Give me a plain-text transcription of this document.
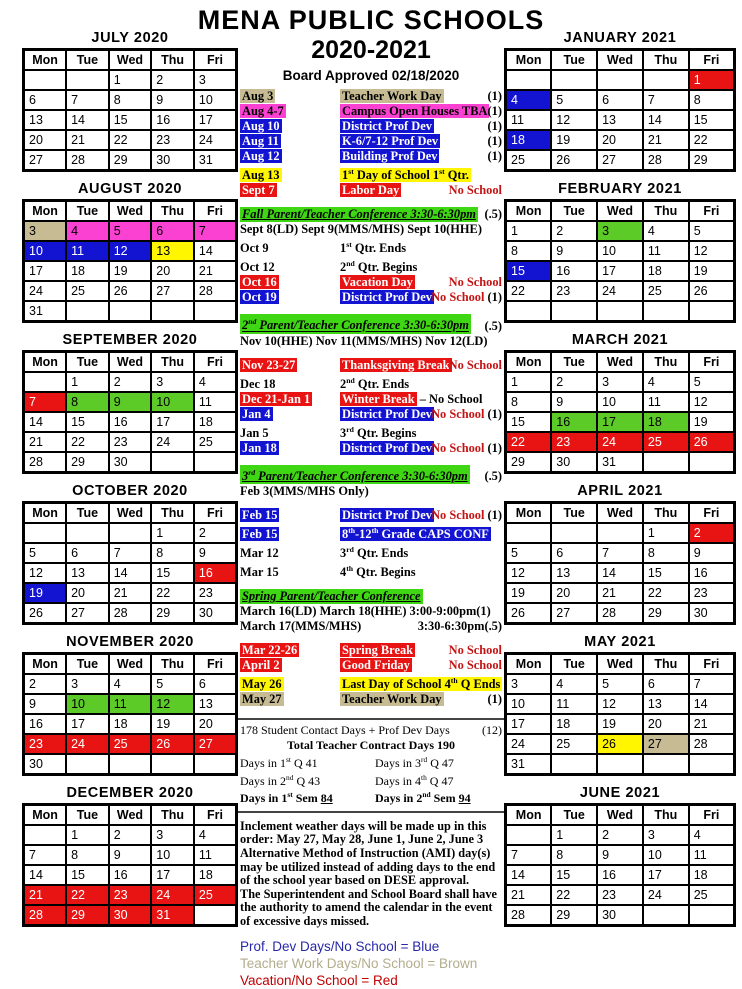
JULY 2020
Mon	Tue	Wed	Thu	Fri
		1	2	3
6	7	8	9	10
13	14	15	16	17
20	21	22	23	24
27	28	29	30	31
AUGUST 2020
Mon	Tue	Wed	Thu	Fri
3	4	5	6	7
10	11	12	13	14
17	18	19	20	21
24	25	26	27	28
31				
SEPTEMBER 2020
Mon	Tue	Wed	Thu	Fri
	1	2	3	4
7	8	9	10	11
14	15	16	17	18
21	22	23	24	25
28	29	30		
OCTOBER 2020
Mon	Tue	Wed	Thu	Fri
			1	2
5	6	7	8	9
12	13	14	15	16
19	20	21	22	23
26	27	28	29	30
NOVEMBER 2020
Mon	Tue	Wed	Thu	Fri
2	3	4	5	6
9	10	11	12	13
16	17	18	19	20
23	24	25	26	27
30				
DECEMBER 2020
Mon	Tue	Wed	Thu	Fri
	1	2	3	4
7	8	9	10	11
14	15	16	17	18
21	22	23	24	25
28	29	30	31	
MENA PUBLIC SCHOOLS
2020-2021
Board Approved 02/18/2020
Aug 3	Teacher Work Day	(1)
Aug 4-7	Campus Open Houses TBA (1)
Aug 10	District Prof Dev	(1)
Aug 11	K-6/7-12 Prof Dev	(1)
Aug 12	Building Prof Dev	(1)
Aug 13	1st Day of School 1st Qtr.
Sept 7	Labor Day	No School
Fall Parent/Teacher Conference 3:30-6:30pm (.5)
Sept 8(LD) Sept 9(MMS/MHS) Sept 10(HHE)
Oct 9	1st Qtr. Ends
Oct 12	2nd Qtr. Begins
Oct 16	Vacation Day	No School
Oct 19	District Prof Dev No School (1)
2nd Parent/Teacher Conference 3:30-6:30pm	(.5)
Nov 10(HHE) Nov 11(MMS/MHS) Nov 12(LD)
Nov 23-27	Thanksgiving Break No School
Dec 18	2nd Qtr. Ends
Dec 21-Jan 1	Winter Break – No School
Jan 4	District Prof Dev No School (1)
Jan 5	3rd Qtr. Begins
Jan 18	District Prof Dev No School (1)
3rd Parent/Teacher Conference 3:30-6:30pm	(.5)
Feb 3(MMS/MHS Only)
Feb 15	District Prof Dev No School (1)
Feb 15	8th-12th Grade CAPS CONF
Mar 12	3rd Qtr. Ends
Mar 15	4th Qtr. Begins
Spring Parent/Teacher Conference
March 16(LD) March 18(HHE) 3:00-9:00pm(1)
March 17(MMS/MHS)	3:30-6:30pm(.5)
Mar 22-26	Spring Break	No School
April 2	Good Friday	No School
May 26	Last Day of School 4th Q Ends
May 27	Teacher Work Day	(1)
178 Student Contact Days + Prof Dev Days	(12)
Total Teacher Contract Days 190
Days in 1st Q 41	Days in 3rd Q 47
Days in 2nd Q 43	Days in 4th Q 47
Days in 1st Sem 84	Days in 2nd Sem 94

Inclement weather days will be made up in this order: May 27, May 28, June 1, June 2, June 3

Alternative Method of Instruction (AMI) day(s) may be utilized instead of adding days to the end of the school year based on DESE approval.

The Superintendent and School Board shall have the authority to amend the calendar in the event of excessive days missed.

Prof. Dev Days/No School = Blue
Teacher Work Days/No School = Brown
Vacation/No School = Red
JANUARY 2021
Mon	Tue	Wed	Thu	Fri
				1
4	5	6	7	8
11	12	13	14	15
18	19	20	21	22
25	26	27	28	29
FEBRUARY 2021
Mon	Tue	Wed	Thu	Fri
1	2	3	4	5
8	9	10	11	12
15	16	17	18	19
22	23	24	25	26

MARCH 2021
Mon	Tue	Wed	Thu	Fri
1	2	3	4	5
8	9	10	11	12
15	16	17	18	19
22	23	24	25	26
29	30	31		
APRIL 2021
Mon	Tue	Wed	Thu	Fri
			1	2
5	6	7	8	9
12	13	14	15	16
19	20	21	22	23
26	27	28	29	30
MAY 2021
Mon	Tue	Wed	Thu	Fri
3	4	5	6	7
10	11	12	13	14
17	18	19	20	21
24	25	26	27	28
31				
JUNE 2021
Mon	Tue	Wed	Thu	Fri
	1	2	3	4
7	8	9	10	11
14	15	16	17	18
21	22	23	24	25
28	29	30		
